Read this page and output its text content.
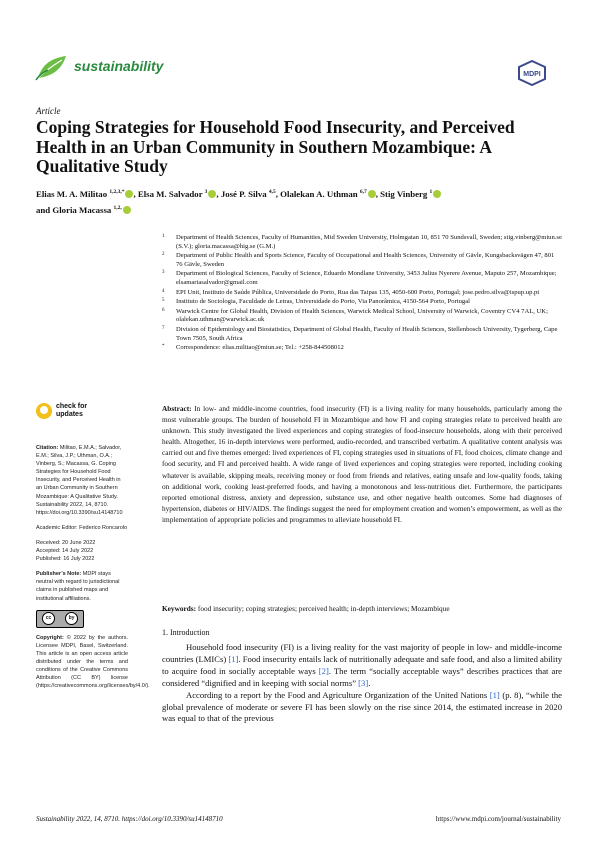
sustainability
MDPI
Article
Coping Strategies for Household Food Insecurity, and Perceived Health in an Urban Community in Southern Mozambique: A Qualitative Study
Elias M. A. Militao $^{1,2,3,*}$ , Elsa M. Salvador $^3$ , José P. Silva $^{4,5}$, Olalekan A. Uthman $^{6,7}$ , Stig Vinberg $^1$
and Gloria Macassa $^{1,2,}$
1 Department of Health Sciences, Faculty of Humanities, Mid Sweden University, Holmgatan 10, 851 70 Sundsvall, Sweden; stig.vinberg@miun.se (S.V.); gloria.macassa@hig.se (G.M.)
2 Department of Public Health and Sports Science, Faculty of Occupational and Health Sciences, University of Gävle, Kungsbacksvägen 47, 801 76 Gävle, Sweden
3 Department of Biological Sciences, Faculty of Science, Eduardo Mondlane University, 3453 Julius Nyerere Avenue, Maputo 257, Mozambique; elsamariasalvador@gmail.com
4 EPI Unit, Instituto de Saúde Pública, Universidade do Porto, Rua das Taipas 135, 4050-600 Porto, Portugal; jose.pedro.silva@ispup.up.pt
5 Instituto de Sociologia, Faculdade de Letras, Universidade do Porto, Via Panorâmica, 4150-564 Porto, Portugal
6 Warwick Centre for Global Health, Division of Health Sciences, Warwick Medical School, University of Warwick, Coventry CV4 7AL, UK; olalekan.uthman@warwick.ac.uk
7 Division of Epidemiology and Biostatistics, Department of Global Health, Faculty of Health Sciences, Stellenbosch University, Tygerberg, Cape Town 7505, South Africa
* Correspondence: elias.militao@miun.se; Tel.: +258-844508012
check for
updates

Citation: Militao, E.M.A.; Salvador, E.M.; Silva, J.P.; Uthman, O.A.; Vinberg, S.; Macassa, G. Coping Strategies for Household Food Insecurity, and Perceived Health in an Urban Community in Southern Mozambique: A Qualitative Study. Sustainability 2022, 14, 8710. https://doi.org/10.3390/su14148710

Academic Editor: Federico Roncarolo

Received: 20 June 2022

Accepted: 14 July 2022

Published: 16 July 2022

Publisher’s Note: MDPI stays neutral with regard to jurisdictional claims in published maps and institutional affiliations.

cc	by

Copyright: © 2022 by the authors. Licensee MDPI, Basel, Switzerland. This article is an open access article distributed under the terms and conditions of the Creative Commons Attribution (CC BY) license (https://creativecommons.org/licenses/by/4.0/).

Abstract: In low- and middle-income countries, food insecurity (FI) is a living reality for many households, particularly among the most vulnerable groups. The burden of household FI in Mozambique and how FI and coping strategies relate to perceived health are unknown. This study investigated the lived experiences and coping strategies of food-insecure households, along with their perceived health. Altogether, 16 in-depth interviews were performed, audio-recorded, and transcribed verbatim. A qualitative content analysis was carried out and five themes emerged: lived experiences of FI, coping strategies used in situations of FI, food choices, climate change and food security, and FI and perceived health. A wide range of lived experiences and coping strategies were reported, including cooking whatever is available, skipping meals, receiving money or food from friends and relatives, eating unsafe and low-quality foods, taking on additional work, cooking least-preferred foods, and having a monotonous and less-nutritious diet. Furthermore, the participants reported emotional distress, anxiety and depression, substance use, and other negative health outcomes. Some had diagnoses of hypertension, diabetes or HIV/AIDS. The findings suggest the need for employment creation and women’s empowerment, as well as the implementation of appropriate policies and programmes to alleviate household FI.
Keywords: food insecurity; coping strategies; perceived health; in-depth interviews; Mozambique
1. Introduction

Household food insecurity (FI) is a living reality for the vast majority of people in low- and middle-income countries (LMICs) [1]. Food insecurity entails lack of nutritionally adequate and safe food, and also a limited ability to acquire food in socially acceptable ways [2]. The term “socially acceptable ways” describes practices that are considered “dignified and in keeping with social norms” [3].

According to a report by the Food and Agriculture Organization of the United Nations [1] (p. 8), “while the global prevalence of moderate or severe FI has been slowly on the rise since 2014, the estimated increase in 2020 was equal to that of the previous

Sustainability 2022, 14, 8710. https://doi.org/10.3390/su14148710	https://www.mdpi.com/journal/sustainability
